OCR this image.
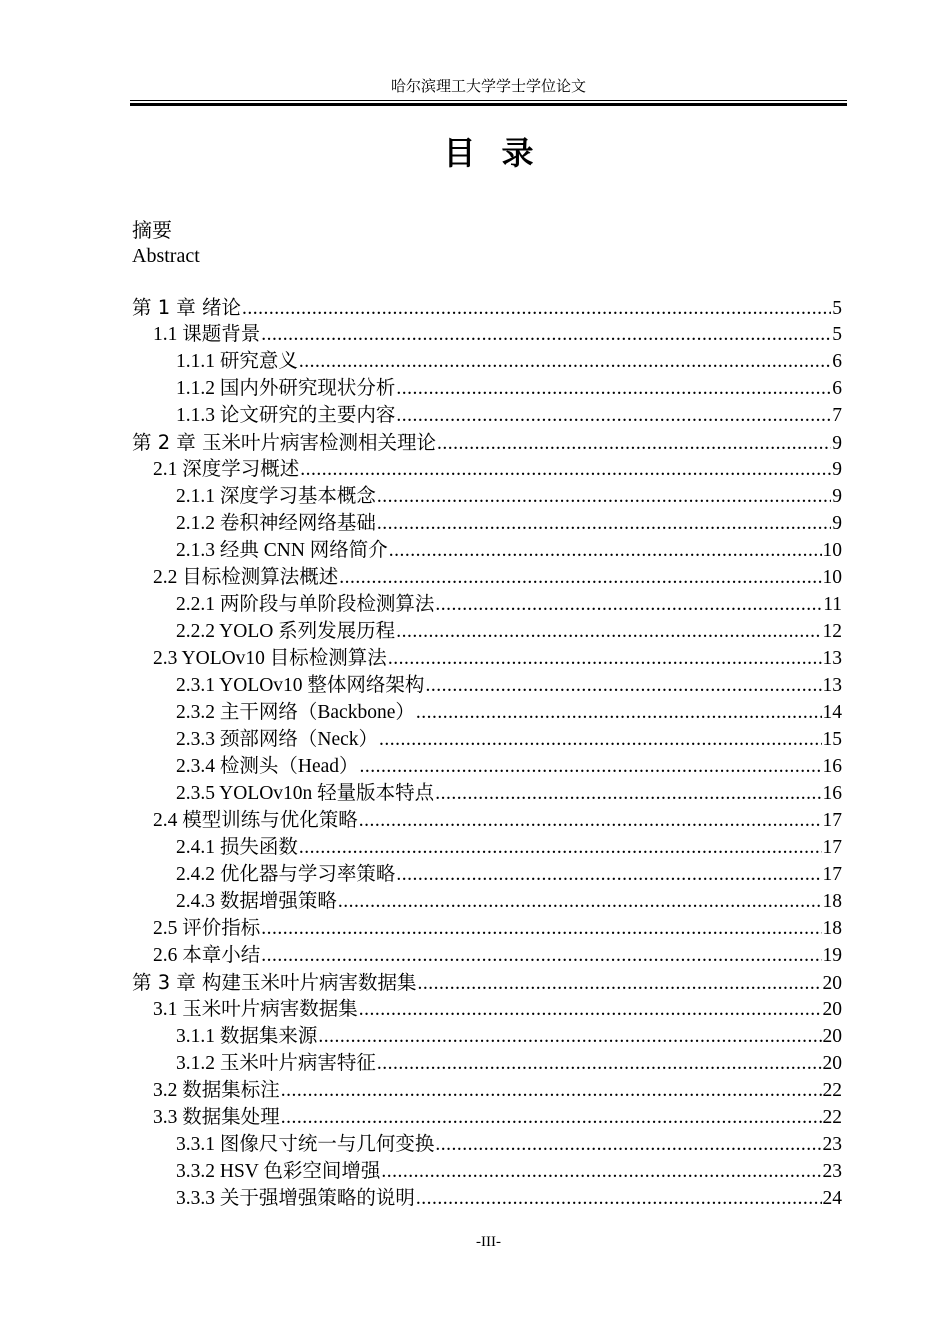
哈尔滨理工大学学士学位论文
目录
摘要
Abstract
第 1 章 绪论 .....	5
1.1 课题背景 .....	5
1.1.1 研究意义 .....	6
1.1.2 国内外研究现状分析 .....	6
1.1.3 论文研究的主要内容 .....	7
第 2 章 玉米叶片病害检测相关理论 .....	9
2.1 深度学习概述 .....	9
2.1.1 深度学习基本概念 .....	9
2.1.2 卷积神经网络基础 .....	9
2.1.3 经典 CNN 网络简介 .....	10
2.2 目标检测算法概述 .....	10
2.2.1 两阶段与单阶段检测算法 .....	11
2.2.2 YOLO 系列发展历程 .....	12
2.3 YOLOv10 目标检测算法 .....	13
2.3.1 YOLOv10 整体网络架构 .....	13
2.3.2 主干网络（Backbone） .....	14
2.3.3 颈部网络（Neck） .....	15
2.3.4 检测头（Head） .....	16
2.3.5 YOLOv10n 轻量版本特点 .....	16
2.4 模型训练与优化策略 .....	17
2.4.1 损失函数 .....	17
2.4.2 优化器与学习率策略 .....	17
2.4.3 数据增强策略 .....	18
2.5 评价指标 .....	18
2.6 本章小结 .....	19
第 3 章 构建玉米叶片病害数据集 .....	20
3.1 玉米叶片病害数据集 .....	20
3.1.1 数据集来源 .....	20
3.1.2 玉米叶片病害特征 .....	20
3.2 数据集标注 .....	22
3.3 数据集处理 .....	22
3.3.1 图像尺寸统一与几何变换 .....	23
3.3.2 HSV 色彩空间增强 .....	23
3.3.3 关于强增强策略的说明 .....	24
-III-
